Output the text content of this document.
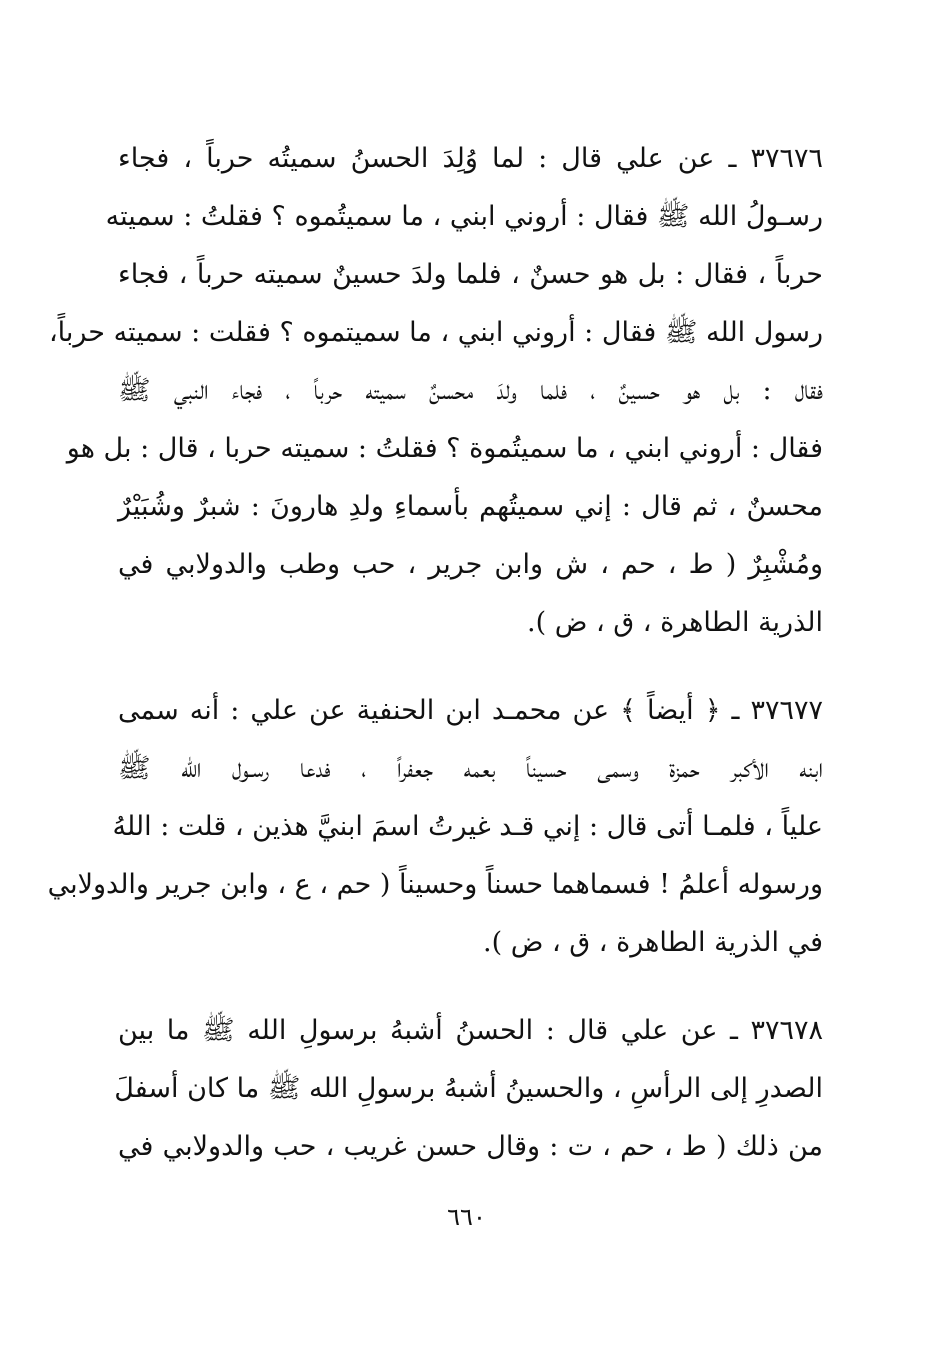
٣٧٦٧٦ ـ عن علي قال : لما وُلِدَ الحسنُ سميتُه حرباً ، فجاء
رسـولُ الله ﷺ فقال : أروني ابني ، ما سميتُموه ؟ فقلتُ : سميته
حرباً ، فقال : بل هو حسنٌ ، فلما ولدَ حسينٌ سميته حرباً ، فجاء
رسول الله ﷺ فقال : أروني ابني ، ما سميتموه ؟ فقلت : سميته حرباً،
فقال : بل هو حسينٌ ، فلما ولدَ محسنٌ سميته حرباً ، فجاء النبي ﷺ
فقال : أروني ابني ، ما سميتُموة ؟ فقلتُ : سميته حربا ، قال : بل هو
محسنٌ ، ثم قال : إني سميتُهم بأسماءِ ولدِ هارونَ : شبرٌ وشُبَيْرٌ
ومُشْبِرٌ ( ط ، حم ، ش وابن جرير ، حب وطب والدولابي في
الذرية الطاهرة ، ق ، ض ).
٣٧٦٧٧ ـ ﴿ أيضاً ﴾ عن محمـد ابن الحنفية عن علي : أنه سمى
ابنه الأكبر حمزة وسمى حسيناً بعمه جعفراً ، فدعا رسـول الله ﷺ
علياً ، فلمـا أتى قال : إني قـد غيرتُ اسمَ ابنيَّ هذين ، قلت : اللهُ
ورسوله أعلمُ ! فسماهما حسناً وحسيناً ( حم ، ع ، وابن جرير والدولابي
في الذرية الطاهرة ، ق ، ض ).
٣٧٦٧٨ ـ عن علي قال : الحسنُ أشبهُ برسولِ الله ﷺ ما بين
الصدرِ إلى الرأسِ ، والحسينُ أشبهُ برسولِ الله ﷺ ما كان أسفلَ
من ذلك ( ط ، حم ، ت : وقال حسن غريب ، حب والدولابي في
٦٦٠
